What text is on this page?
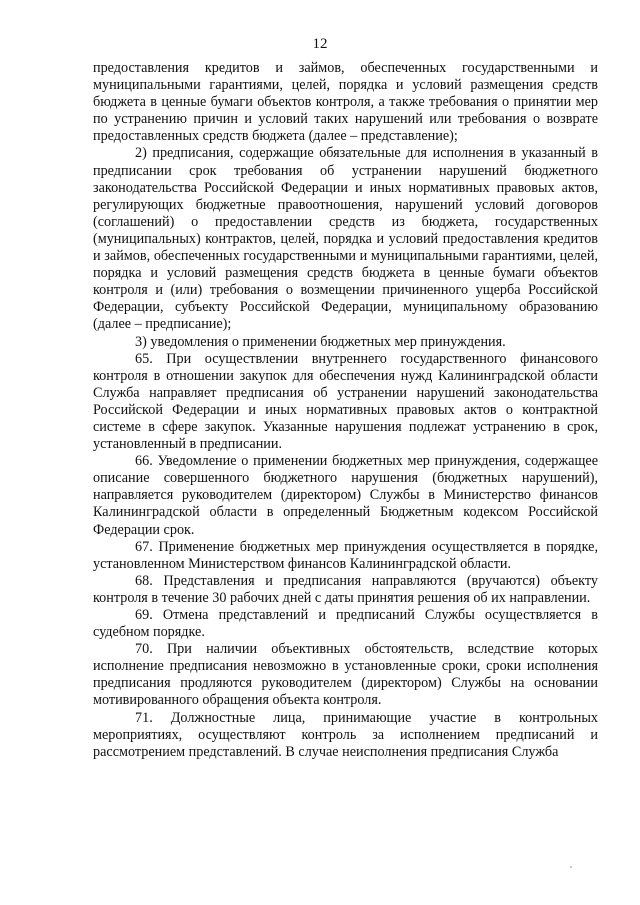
12

предоставления кредитов и займов, обеспеченных государственными и муниципальными гарантиями, целей, порядка и условий размещения средств бюджета в ценные бумаги объектов контроля, а также требования о принятии мер по устранению причин и условий таких нарушений или требования о возврате предоставленных средств бюджета (далее – представление);

2) предписания, содержащие обязательные для исполнения в указанный в предписании срок требования об устранении нарушений бюджетного законодательства Российской Федерации и иных нормативных правовых актов, регулирующих бюджетные правоотношения, нарушений условий договоров (соглашений) о предоставлении средств из бюджета, государственных (муниципальных) контрактов, целей, порядка и условий предоставления кредитов и займов, обеспеченных государственными и муниципальными гарантиями, целей, порядка и условий размещения средств бюджета в ценные бумаги объектов контроля и (или) требования о возмещении причиненного ущерба Российской Федерации, субъекту Российской Федерации, муниципальному образованию (далее – предписание);

3) уведомления о применении бюджетных мер принуждения.

65. При осуществлении внутреннего государственного финансового контроля в отношении закупок для обеспечения нужд Калининградской области Служба направляет предписания об устранении нарушений законодательства Российской Федерации и иных нормативных правовых актов о контрактной системе в сфере закупок. Указанные нарушения подлежат устранению в срок, установленный в предписании.

66. Уведомление о применении бюджетных мер принуждения, содержащее описание совершенного бюджетного нарушения (бюджетных нарушений), направляется руководителем (директором) Службы в Министерство финансов Калининградской области в определенный Бюджетным кодексом Российской Федерации срок.

67. Применение бюджетных мер принуждения осуществляется в порядке, установленном Министерством финансов Калининградской области.

68. Представления и предписания направляются (вручаются) объекту контроля в течение 30 рабочих дней с даты принятия решения об их направлении.

69. Отмена представлений и предписаний Службы осуществляется в судебном порядке.

70. При наличии объективных обстоятельств, вследствие которых исполнение предписания невозможно в установленные сроки, сроки исполнения предписания продляются руководителем (директором) Службы на основании мотивированного обращения объекта контроля.

71. Должностные лица, принимающие участие в контрольных мероприятиях, осуществляют контроль за исполнением предписаний и рассмотрением представлений. В случае неисполнения предписания Служба
